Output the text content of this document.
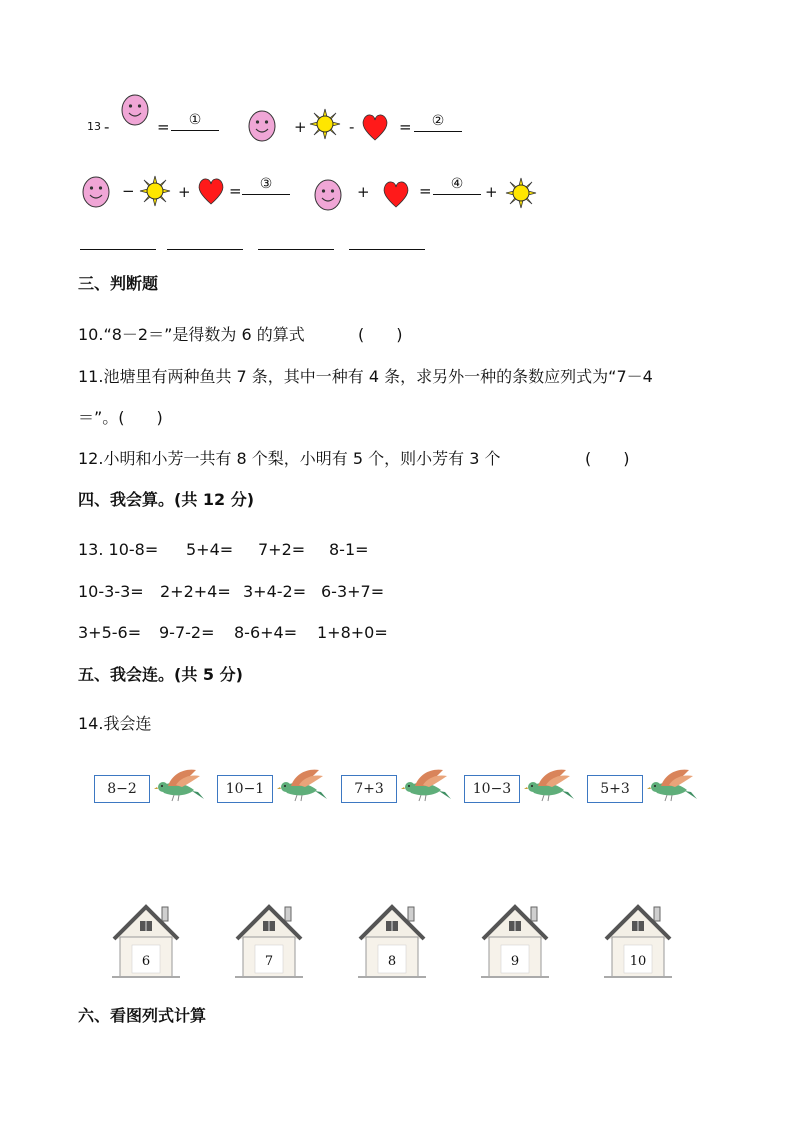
13 -	=	①	+	-	=	②
−	+	=	③	+	=	④	+
三、判断题
10.“8－2＝”是得数为 6 的算式	(　　)
11.池塘里有两种鱼共 7 条，其中一种有 4 条，求另外一种的条数应列式为“7－4
＝”。(　　)
12.小明和小芳一共有 8 个梨，小明有 5 个，则小芳有 3 个	(　　)
四、我会算。(共 12 分)
13. 10-8= 5+4= 7+2= 8-1=
10-3-3= 2+2+4= 3+4-2= 6-3+7=
3+5-6= 9-7-2= 8-6+4= 1+8+0=
五、我会连。(共 5 分)
14.我会连
8−2	10−1	7+3	10−3	5+3
6	7	8	9	10
六、看图列式计算
